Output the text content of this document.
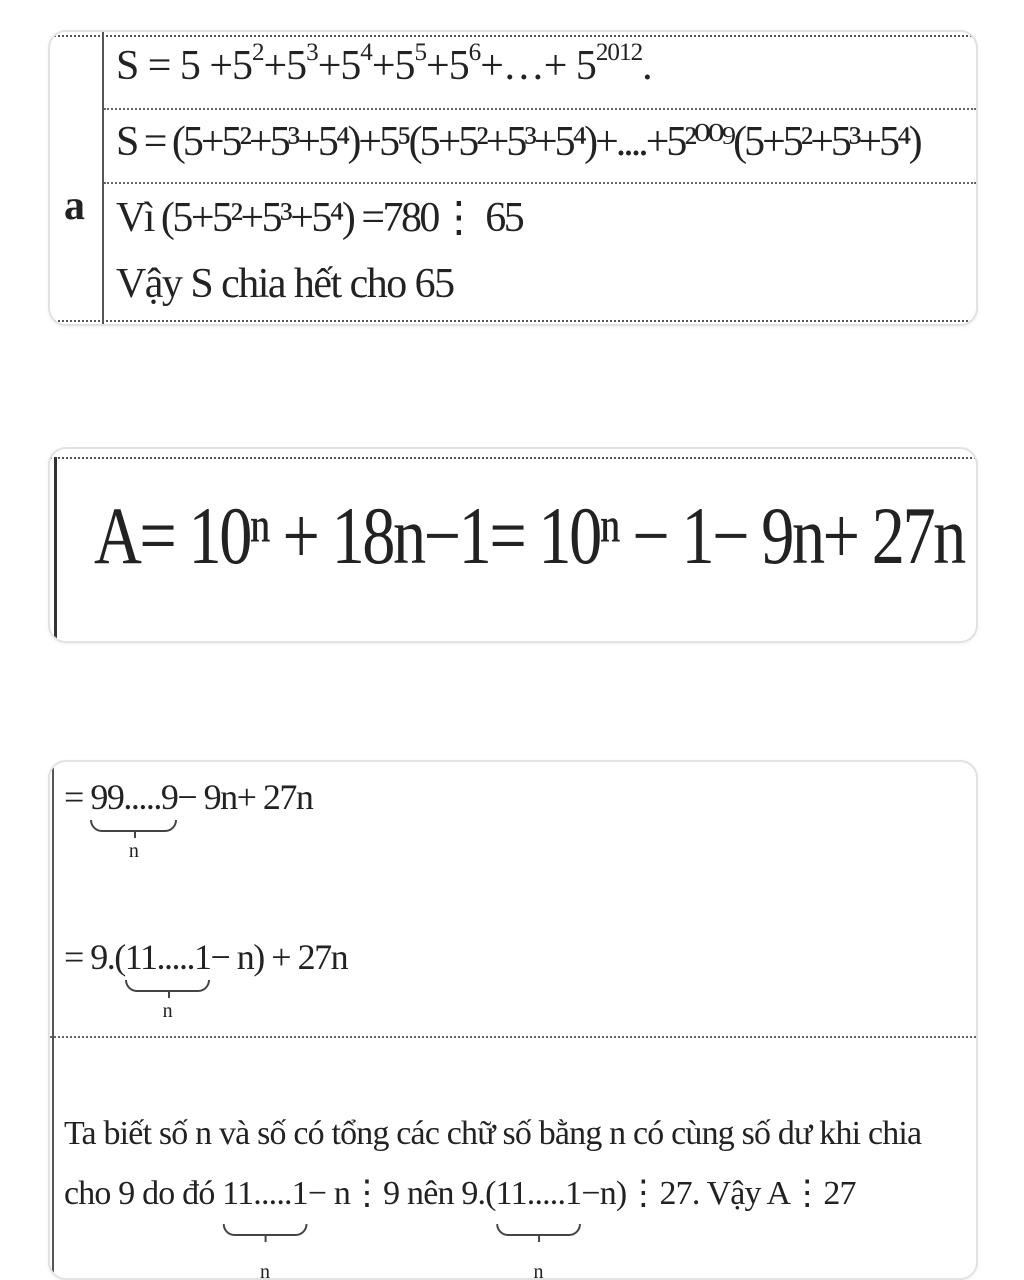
a
$S = 5 +5^2+5^3+5^4+5^5+5^6+\dots+ 5^{2012}$.
S = (5+5²+5³+5⁴)+5⁵(5+5²+5³+5⁴)+....+5²⁰⁰⁹(5+5²+5³+5⁴)
Vì (5+5²+5³+5⁴) =780⋮ 65
Vậy S chia hết cho 65
A= 10ⁿ + 18n−1= 10ⁿ − 1− 9n+ 27n
= 99.....9
n
− 9n+ 27n
= 9.(11.....1
n
− n) + 27n
Ta biết số n và số có tổng các chữ số bằng n có cùng số dư khi chia
cho 9 do đó 11.....1
n
− n⋮9 nên 9.(11.....1
n
−n)⋮27. Vậy A⋮27
